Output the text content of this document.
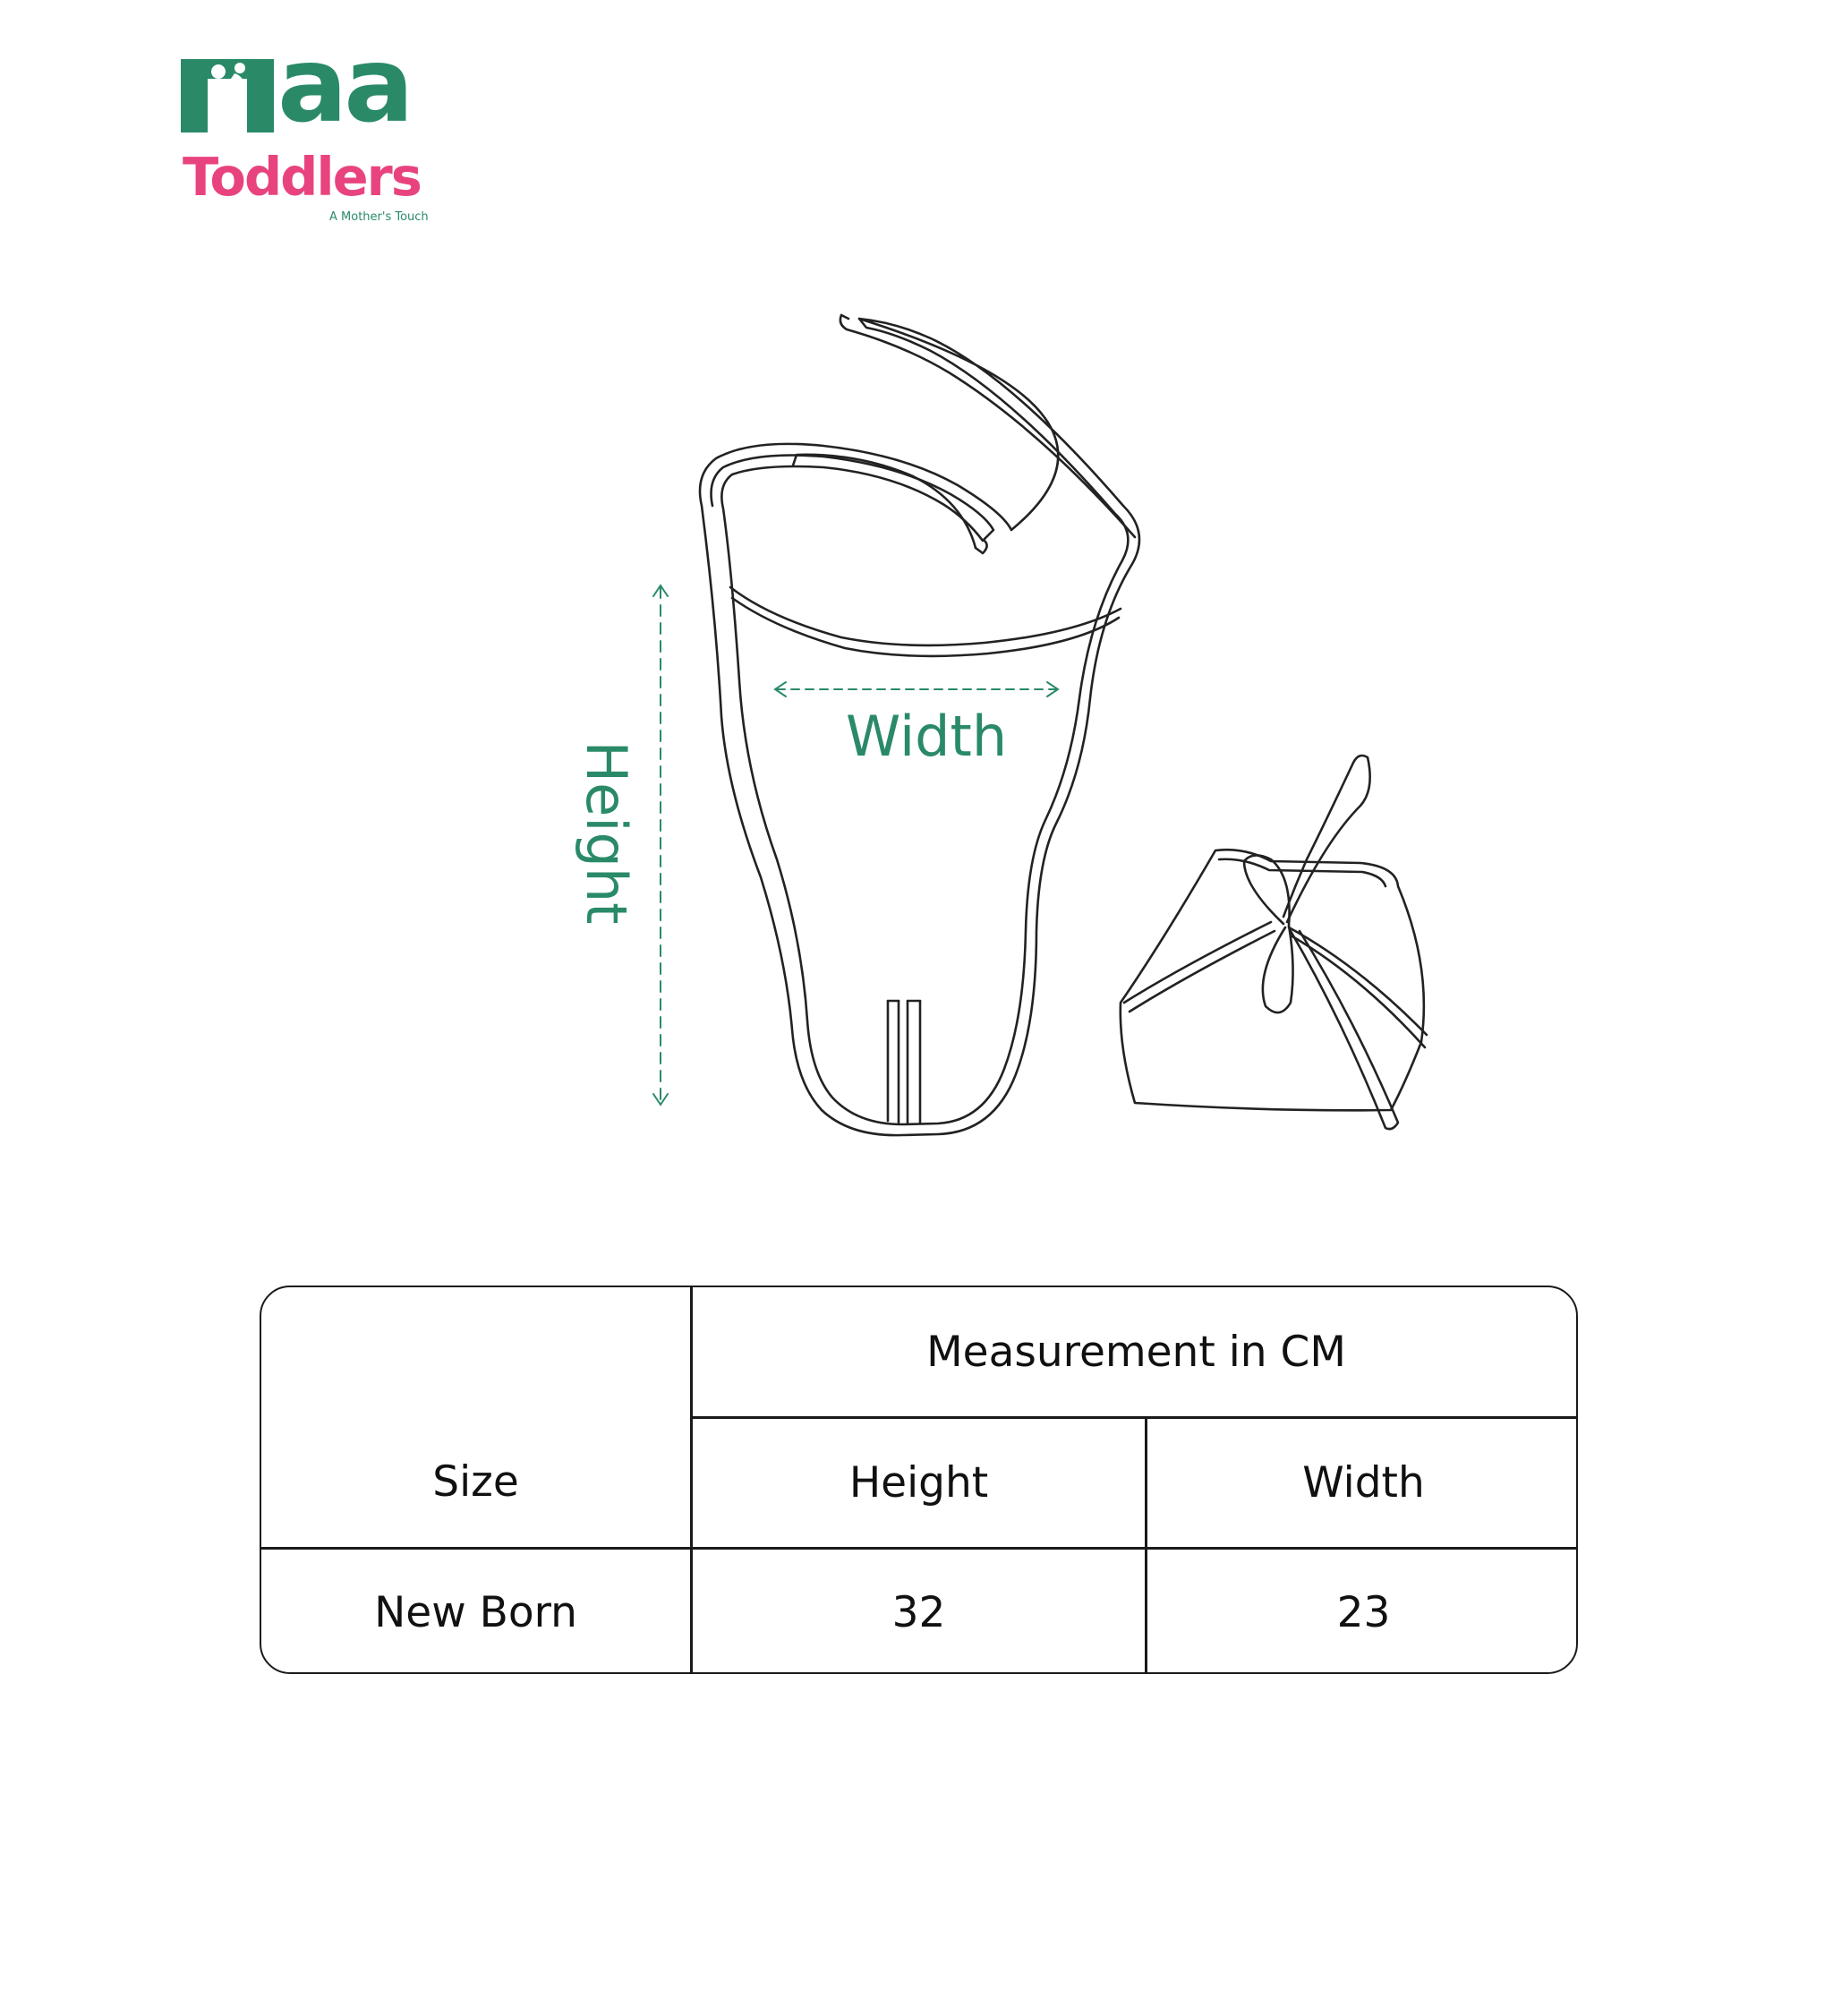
aa
Toddlers
A Mother's Touch
Width
Height
Measurement in CM
Size	Height	Width
New Born	32	23
